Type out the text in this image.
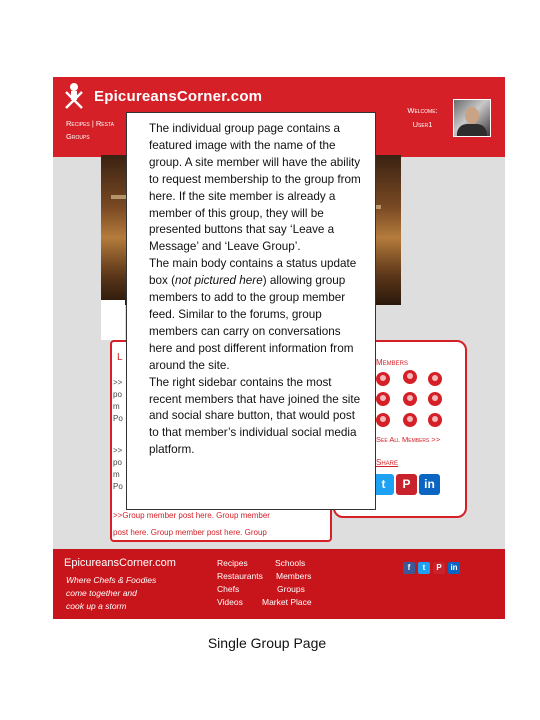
EpicureansCorner.com
Recipes | Resta
Groups
Welcome:
User1
L
>>
po
m
Po
>>
po
m
Po
>>Group member post here. Group member
post here. Group member post here. Group
Members
See All Members >>
Share
t	P	in

The individual group page contains a featured image with the name of the group. A site member will have the ability to request membership to the group from here. If the site member is already a member of this group, they will be presented buttons that say ‘Leave a Message’ and ‘Leave Group’.

The main body contains a status update box (not pictured here) allowing group members to add to the group member feed. Similar to the forums, group members can carry on conversations here and post different information from around the site.

The right sidebar contains the most recent members that have joined the site and social share button, that would post to that member’s individual social media platform.

EpicureansCorner.com
Where Chefs & Foodies
come together and
cook up a storm
Recipes	Schools
Restaurants Members
Chefs	Groups
Videos Market Place
f	t	P	in
Single Group Page
